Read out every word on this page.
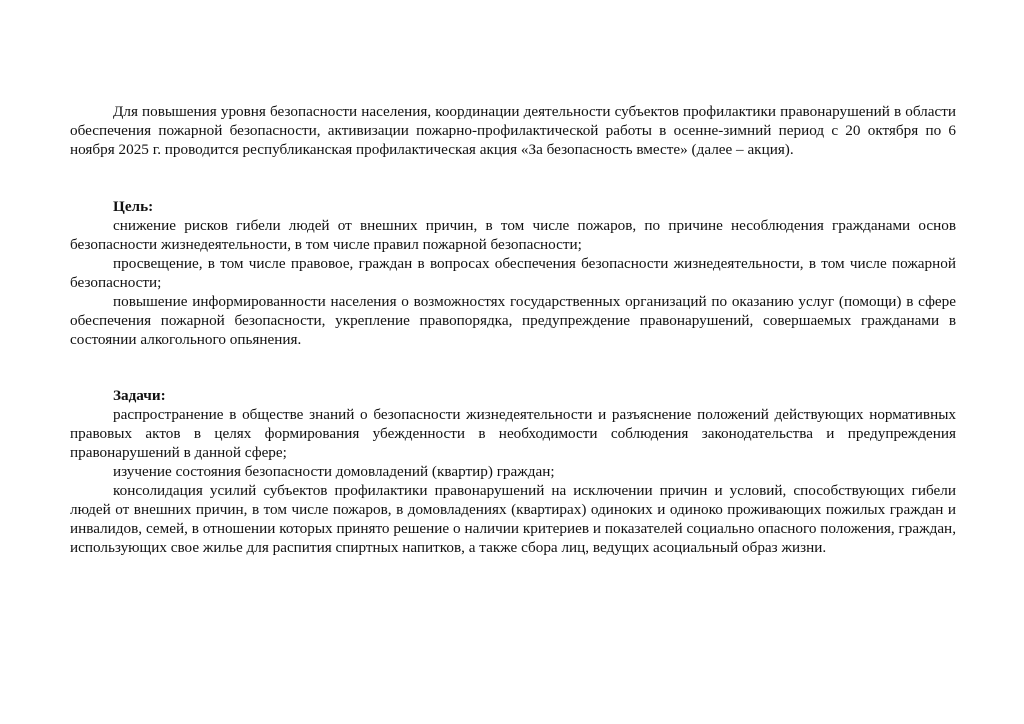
Для повышения уровня безопасности населения, координации деятельности субъектов профилактики правонарушений в области обеспечения пожарной безопасности, активизации пожарно-профилактической работы в осенне-зимний период с 20 октября по 6 ноября 2025 г. проводится республиканская профилактическая акция «За безопасность вместе» (далее – акция).

Цель:

снижение рисков гибели людей от внешних причин, в том числе пожаров, по причине несоблюдения гражданами основ безопасности жизнедеятельности, в том числе правил пожарной безопасности;

просвещение, в том числе правовое, граждан в вопросах обеспечения безопасности жизнедеятельности, в том числе пожарной безопасности;

повышение информированности населения о возможностях государственных организаций по оказанию услуг (помощи) в сфере обеспечения пожарной безопасности, укрепление правопорядка, предупреждение правонарушений, совершаемых гражданами в состоянии алкогольного опьянения.

Задачи:

распространение в обществе знаний о безопасности жизнедеятельности и разъяснение положений действующих нормативных правовых актов в целях формирования убежденности в необходимости соблюдения законодательства и предупреждения правонарушений в данной сфере;

изучение состояния безопасности домовладений (квартир) граждан;

консолидация усилий субъектов профилактики правонарушений на исключении причин и условий, способствующих гибели людей от внешних причин, в том числе пожаров, в домовладениях (квартирах) одиноких и одиноко проживающих пожилых граждан и инвалидов, семей, в отношении которых принято решение о наличии критериев и показателей социально опасного положения, граждан, использующих свое жилье для распития спиртных напитков, а также сбора лиц, ведущих асоциальный образ жизни.
